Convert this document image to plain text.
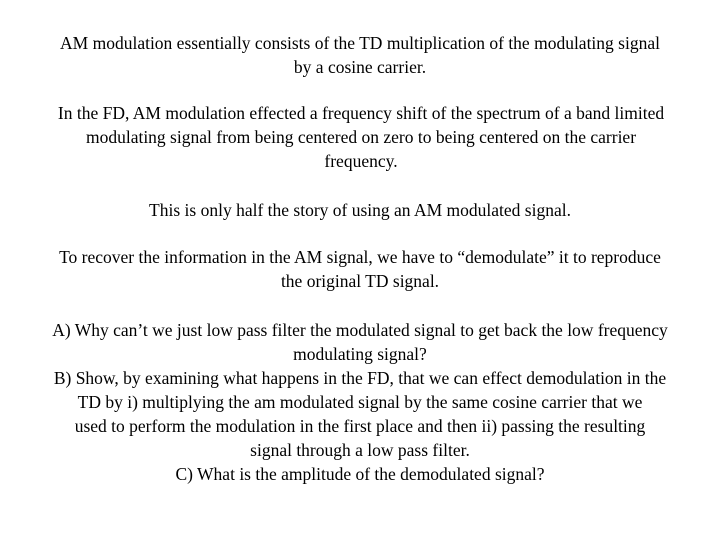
AM modulation essentially consists of the TD multiplication of the modulating signal
by a cosine carrier.

In the FD, AM modulation effected a frequency shift of the spectrum of a band limited
modulating signal from being centered on zero to being centered on the carrier
frequency.

This is only half the story of using an AM modulated signal.

To recover the information in the AM signal, we have to “demodulate” it to reproduce
the original TD signal.

A) Why can’t we just low pass filter the modulated signal to get back the low frequency
modulating signal?
B) Show, by examining what happens in the FD, that we can effect demodulation in the
TD by i) multiplying the am modulated signal by the same cosine carrier that we
used to perform the modulation in the first place and then ii) passing the resulting
signal through a low pass filter.
C) What is the amplitude of the demodulated signal?
